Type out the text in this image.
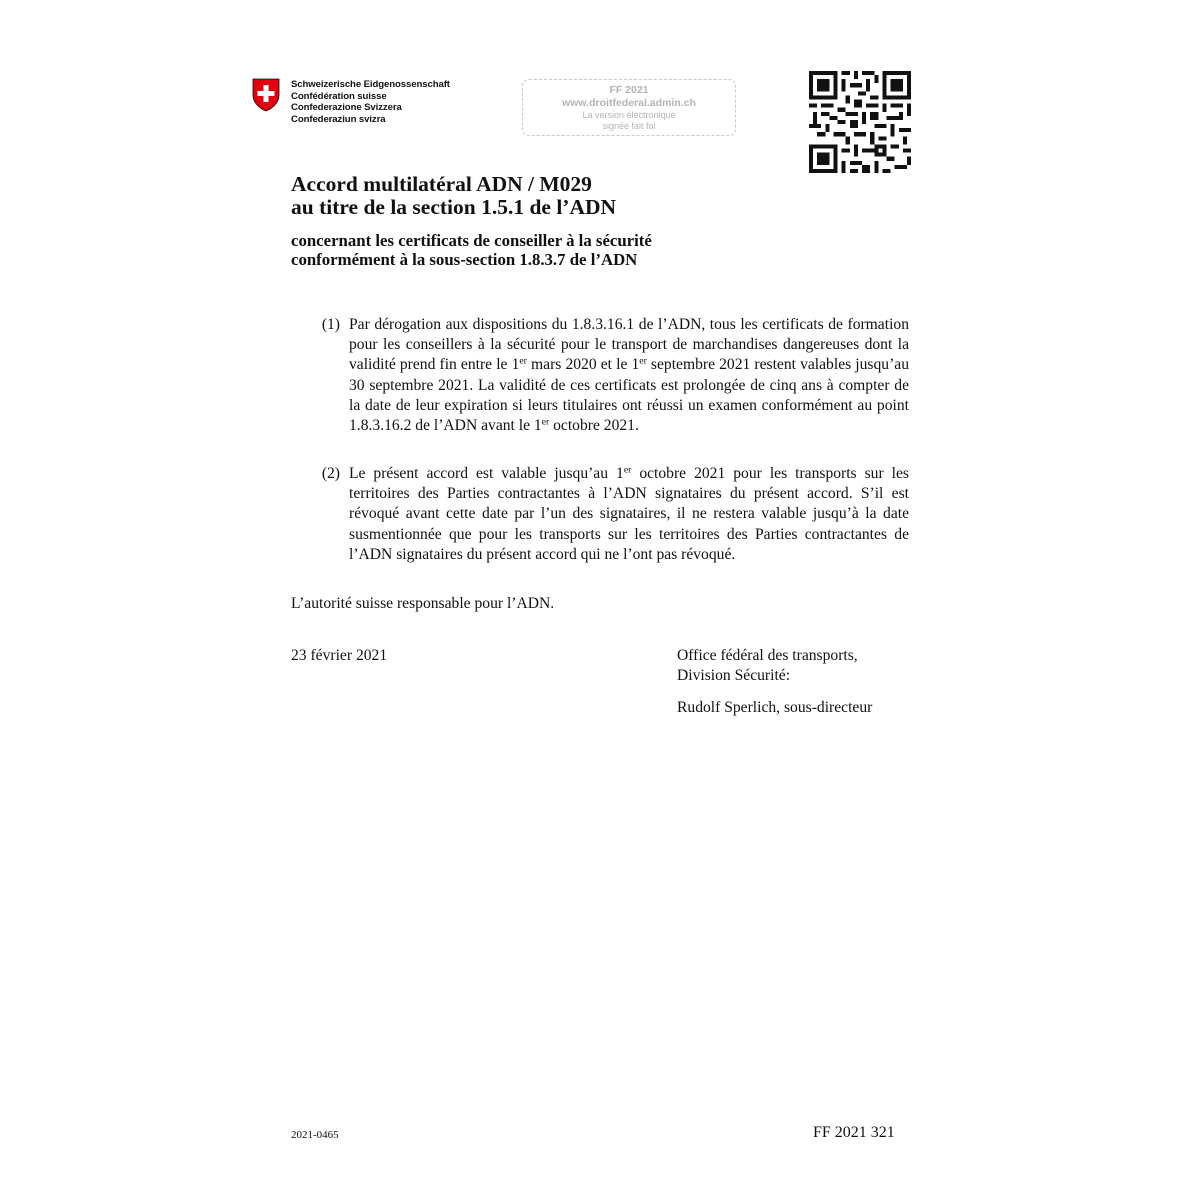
Schweizerische Eidgenossenschaft
Confédération suisse
Confederazione Svizzera
Confederaziun svizra
FF 2021
www.droitfederal.admin.ch
La version électronique
signée fait foi
Accord multilatéral ADN / M029
au titre de la section 1.5.1 de l’ADN
concernant les certificats de conseiller à la sécurité
conformément à la sous-section 1.8.3.7 de l’ADN
(1) Par dérogation aux dispositions du 1.8.3.16.1 de l’ADN, tous les certificats de formation pour les conseillers à la sécurité pour le transport de marchandises dangereuses dont la validité prend fin entre le 1er mars 2020 et le 1er septembre 2021 restent valables jusqu’au 30 septembre 2021. La validité de ces certificats est prolongée de cinq ans à compter de la date de leur expiration si leurs titulaires ont réussi un examen conformément au point 1.8.3.16.2 de l’ADN avant le 1er octobre 2021.
(2) Le présent accord est valable jusqu’au 1er octobre 2021 pour les transports sur les territoires des Parties contractantes à l’ADN signataires du présent accord. S’il est révoqué avant cette date par l’un des signataires, il ne restera valable jusqu’à la date susmentionnée que pour les transports sur les territoires des Parties contractantes de l’ADN signataires du présent accord qui ne l’ont pas révoqué.
L’autorité suisse responsable pour l’ADN.
23 février 2021	Office fédéral des transports,
Division Sécurité:
Rudolf Sperlich, sous-directeur
2021-0465	FF 2021 321
